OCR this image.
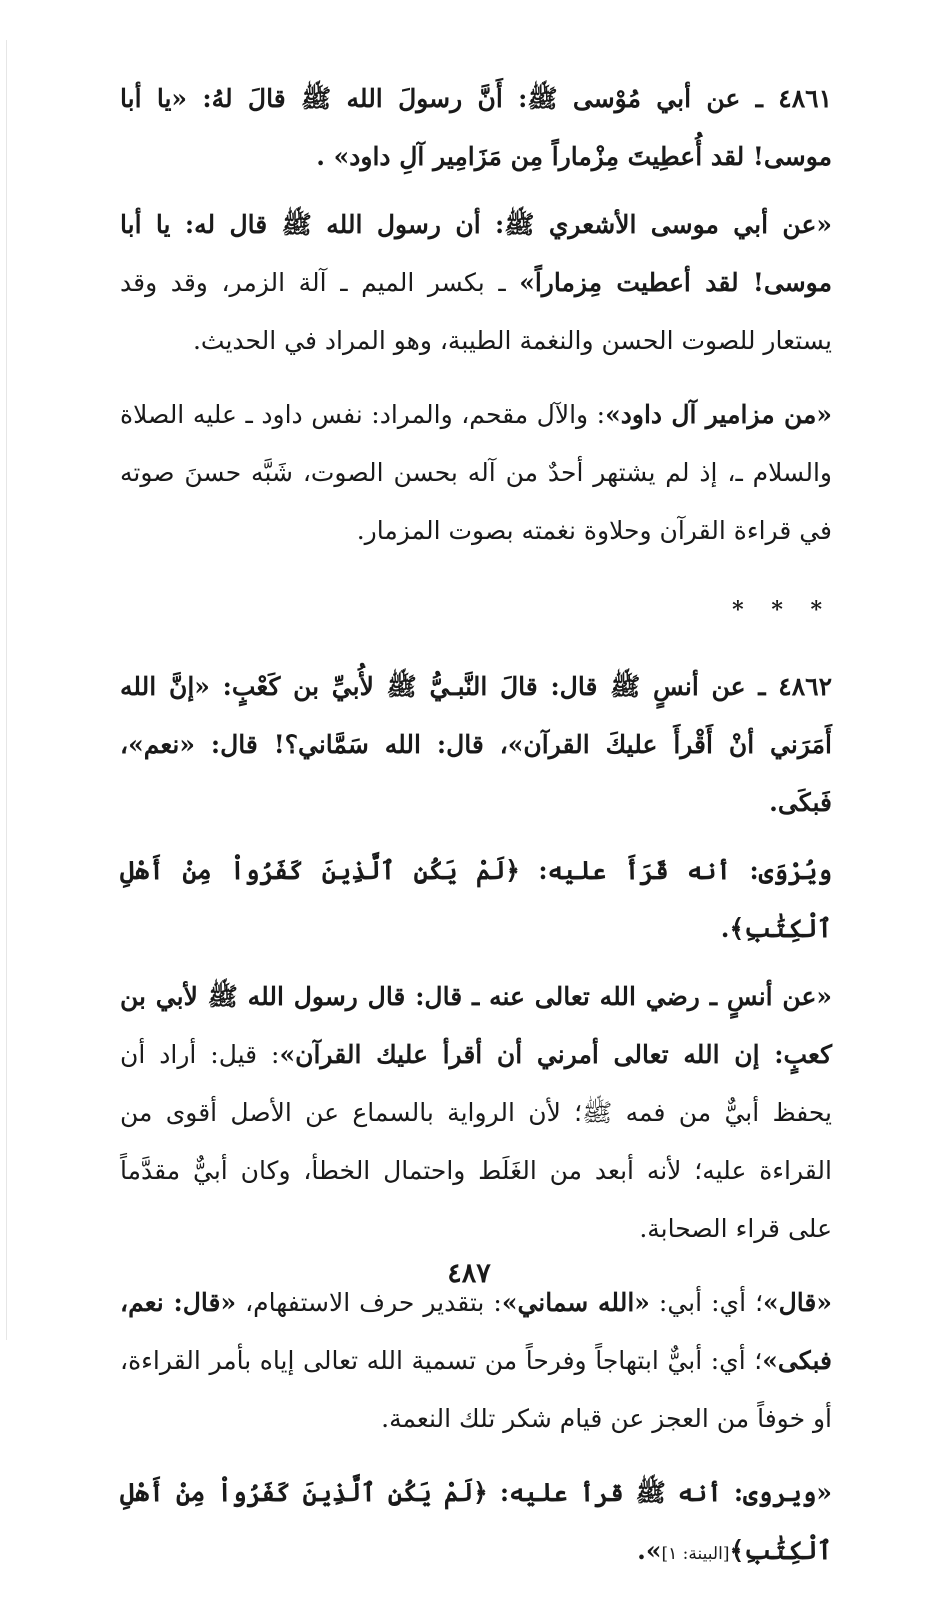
٤٨٦١ ـ عن أبي مُوْسى ﷺ: أَنَّ رسولَ الله ﷺ قالَ لهُ: «يا أبا موسى! لقد أُعطِيتَ مِزْماراً مِن مَزَامِير آلِ داود» .

«عن أبي موسى الأشعري ﷺ: أن رسول الله ﷺ قال له: يا أبا موسى! لقد أعطيت مِزماراً» ـ بكسر الميم ـ آلة الزمر، وقد وقد يستعار للصوت الحسن والنغمة الطيبة، وهو المراد في الحديث.

«من مزامير آل داود»: والآل مقحم، والمراد: نفس داود ـ عليه الصلاة والسلام ـ، إذ لم يشتهر أحدٌ من آله بحسن الصوت، شَبَّه حسنَ صوته في قراءة القرآن وحلاوة نغمته بصوت المزمار.

* * *

٤٨٦٢ ـ عن أنسٍ ﷺ قال: قالَ النَّبـيُّ ﷺ لأُبيِّ بن كَعْبٍ: «إنَّ الله أَمَرَني أنْ أَقْرأَ عليكَ القرآن»، قال: الله سَمَّاني؟! قال: «نعم»، فَبكَى.

ويُرْوَى: أنه قَرَأَ عليه: ﴿لَمْ يَكُنِ ٱلَّذِينَ كَفَرُواْ مِنْ أَهْلِ ٱلْكِتَٰبِ﴾.

«عن أنسٍ ـ رضي الله تعالى عنه ـ قال: قال رسول الله ﷺ لأبي بن كعبٍ: إن الله تعالى أمرني أن أقرأ عليك القرآن»: قيل: أراد أن يحفظ أبيٌّ من فمه ﷺ؛ لأن الرواية بالسماع عن الأصل أقوى من القراءة عليه؛ لأنه أبعد من الغَلَط واحتمال الخطأ، وكان أبيٌّ مقدَّماً على قراء الصحابة.

«قال»؛ أي: أبي: «الله سماني»: بتقدير حرف الاستفهام، «قال: نعم، فبكى»؛ أي: أبيٌّ ابتهاجاً وفرحاً من تسمية الله تعالى إياه بأمر القراءة، أو خوفاً من العجز عن قيام شكر تلك النعمة.

«ويروى: أنه ﷺ قرأ عليه: ﴿لَمْ يَكُنِ ٱلَّذِينَ كَفَرُواْ مِنْ أَهْلِ ٱلْكِتَٰبِ﴾[البينة: ١]».

٤٨٧
